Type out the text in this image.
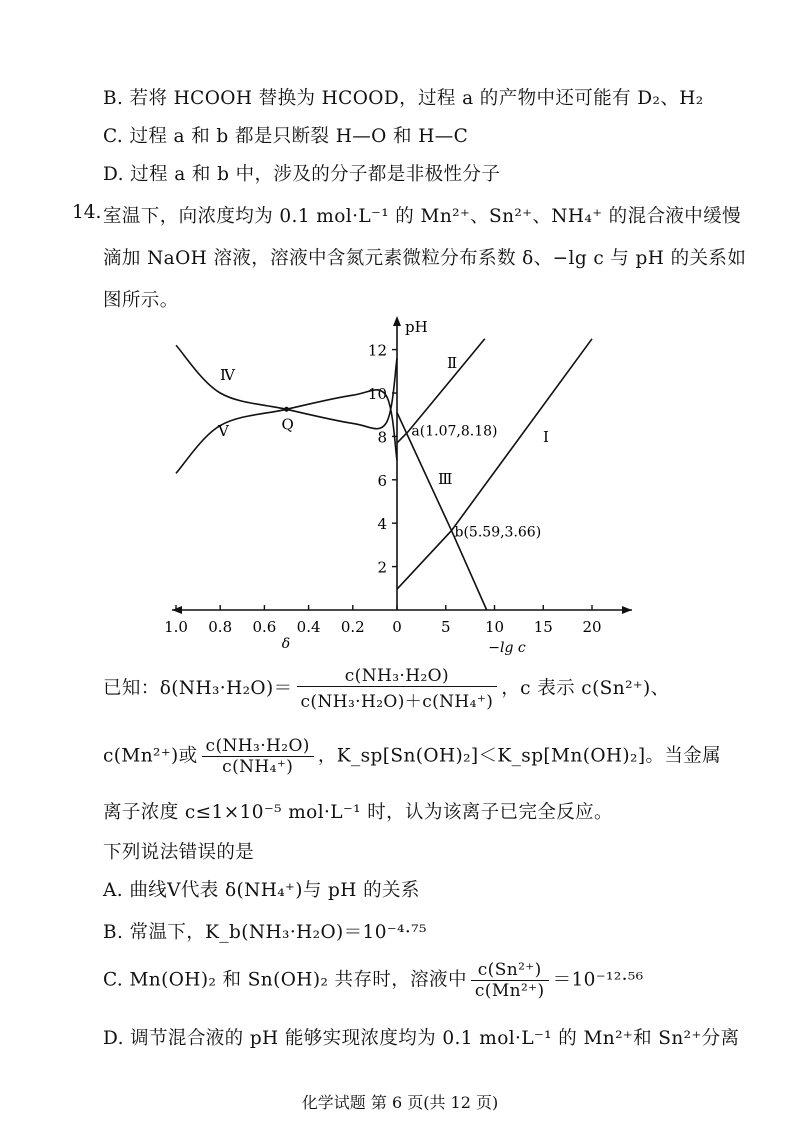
B. 若将 HCOOH 替换为 HCOOD，过程 a 的产物中还可能有 D₂、H₂
C. 过程 a 和 b 都是只断裂 H—O 和 H—C
D. 过程 a 和 b 中，涉及的分子都是非极性分子
14. 室温下，向浓度均为 0.1 mol·L⁻¹ 的 Mn²⁺、Sn²⁺、NH₄⁺ 的混合液中缓慢
滴加 NaOH 溶液，溶液中含氮元素微粒分布系数 δ、−lg c 与 pH 的关系如
图所示。
2
4
6
8
10
12
pH
0	5 10 15 20
−lg c
1.0 0.8 0.6 0.4 0.2
δ
Ⅰ
Ⅱ
Ⅲ
Ⅳ
Ⅴ	Q	a(1.07,8.18)
b(5.59,3.66)
已知：$\delta(NH_3\cdot H_2O)= \frac{\text{c(NH₃·H₂O)}}{\text{c(NH₃·H₂O)＋c(NH₄⁺)}}$ ，c 表示 c(Sn²⁺)、
c(Mn²⁺)或 $\frac{\text{c(NH₃·H₂O)}}{\text{c(NH₄⁺)}}$ ，K_sp[Sn(OH)₂]＜K_sp[Mn(OH)₂]。当金属
离子浓度 c≤1×10⁻⁵ mol·L⁻¹ 时，认为该离子已完全反应。
下列说法错误的是
A. 曲线Ⅴ代表 δ(NH₄⁺)与 pH 的关系
B. 常温下，K_b(NH₃·H₂O)＝10⁻⁴·⁷⁵
C. Mn(OH)₂ 和 Sn(OH)₂ 共存时，溶液中 $\frac{\text{c(Sn²⁺)}}{\text{c(Mn²⁺)}} =10^{-12}\cdot^{56}$
D. 调节混合液的 pH 能够实现浓度均为 0.1 mol·L⁻¹ 的 Mn²⁺和 Sn²⁺分离
化学试题 第 6 页(共 12 页)
